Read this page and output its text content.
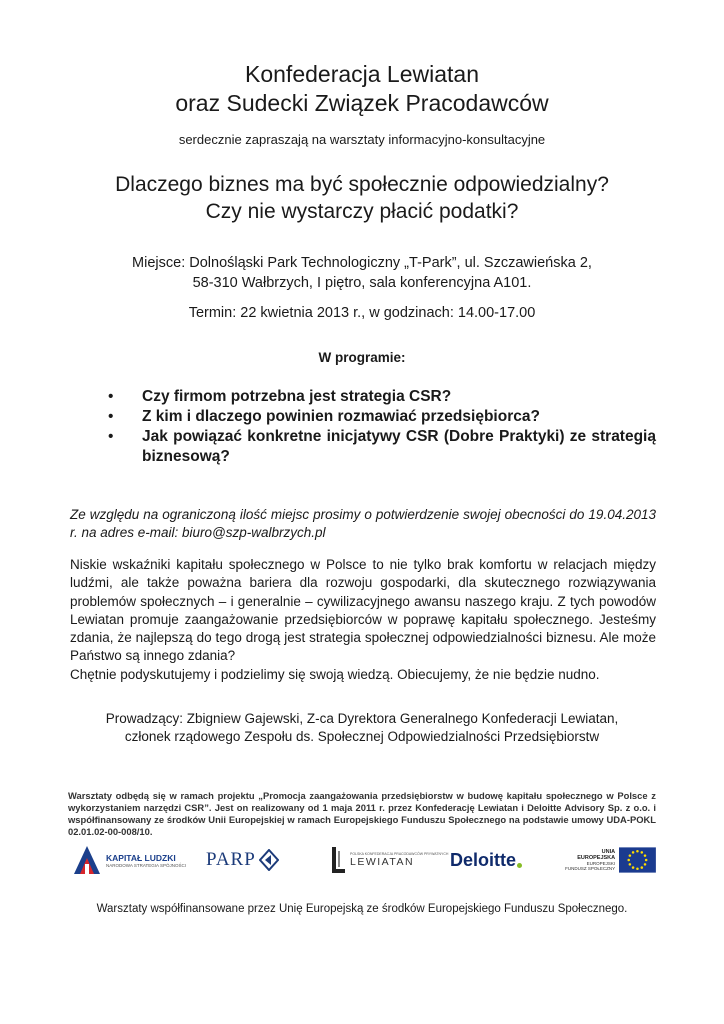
Konfederacja Lewiatan
oraz Sudecki Związek Pracodawców
serdecznie zapraszają na warsztaty informacyjno-konsultacyjne
Dlaczego biznes ma być społecznie odpowiedzialny?
Czy nie wystarczy płacić podatki?
Miejsce: Dolnośląski Park Technologiczny „T-Park”, ul. Szczawieńska 2,
58-310 Wałbrzych, I piętro, sala konferencyjna A101.
Termin: 22 kwietnia 2013 r., w godzinach: 14.00-17.00
W programie:
• Czy firmom potrzebna jest strategia CSR?
• Z kim i dlaczego powinien rozmawiać przedsiębiorca?
• Jak powiązać konkretne inicjatywy CSR (Dobre Praktyki) ze strategią biznesową?
Ze względu na ograniczoną ilość miejsc prosimy o potwierdzenie swojej obecności do 19.04.2013 r. na adres e-mail: biuro@szp-walbrzych.pl

Niskie wskaźniki kapitału społecznego w Polsce to nie tylko brak komfortu w relacjach między ludźmi, ale także poważna bariera dla rozwoju gospodarki, dla skutecznego rozwiązywania problemów społecznych – i generalnie – cywilizacyjnego awansu naszego kraju. Z tych powodów Lewiatan promuje zaangażowanie przedsiębiorców w poprawę kapitału społecznego. Jesteśmy zdania, że najlepszą do tego drogą jest strategia społecznej odpowiedzialności biznesu. Ale może Państwo są innego zdania?

Chętnie podyskutujemy i podzielimy się swoją wiedzą. Obiecujemy, że nie będzie nudno.

Prowadzący: Zbigniew Gajewski, Z-ca Dyrektora Generalnego Konfederacji Lewiatan,
członek rządowego Zespołu ds. Społecznej Odpowiedzialności Przedsiębiorstw
Warsztaty odbędą się w ramach projektu „Promocja zaangażowania przedsiębiorstw w budowę kapitału społecznego w Polsce z wykorzystaniem narzędzi CSR”. Jest on realizowany od 1 maja 2011 r. przez Konfederację Lewiatan i Deloitte Advisory Sp. z o.o. i współfinansowany ze środków Unii Europejskiej w ramach Europejskiego Funduszu Społecznego na podstawie umowy UDA-POKL 02.01.02-00-008/10.
KAPITAŁ LUDZKI
NARODOWA STRATEGIA SPÓJNOŚCI PARP	POLSKA KONFEDERACJA PRACODAWCÓW PRYWATNYCH
LEWIATAN	Deloitte	UNIA EUROPEJSKA
EUROPEJSKI
FUNDUSZ SPOŁECZNY
Warsztaty współfinansowane przez Unię Europejską ze środków Europejskiego Funduszu Społecznego.
